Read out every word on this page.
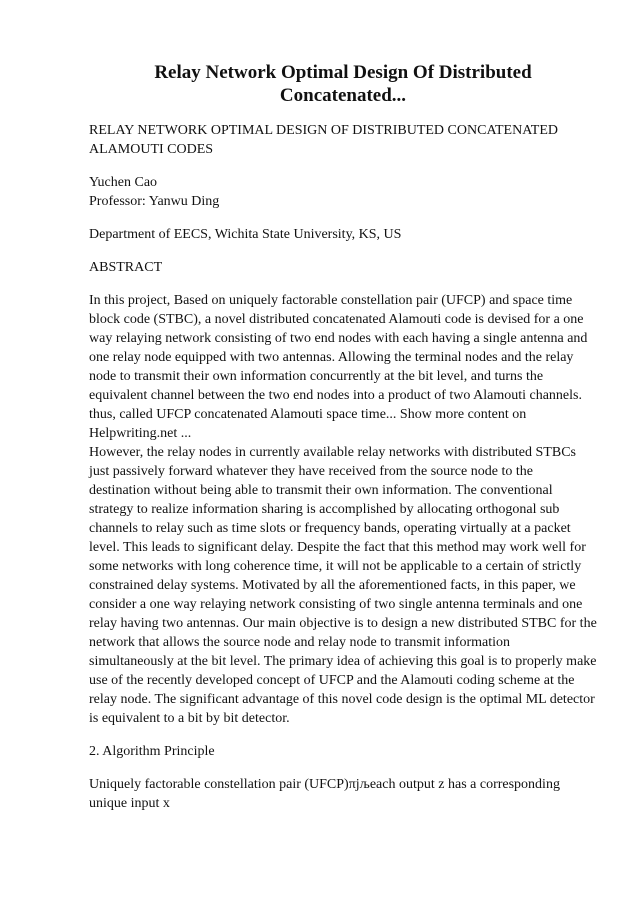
Relay Network Optimal Design Of Distributed Concatenated...
RELAY NETWORK OPTIMAL DESIGN OF DISTRIBUTED CONCATENATED ALAMOUTI CODES
Yuchen Cao
Professor: Yanwu Ding
Department of EECS, Wichita State University, KS, US
ABSTRACT
In this project, Based on uniquely factorable constellation pair (UFCP) and space time block code (STBC), a novel distributed concatenated Alamouti code is devised for a one way relaying network consisting of two end nodes with each having a single antenna and one relay node equipped with two antennas. Allowing the terminal nodes and the relay node to transmit their own information concurrently at the bit level, and turns the equivalent channel between the two end nodes into a product of two Alamouti channels. thus, called UFCP concatenated Alamouti space time... Show more content on Helpwriting.net ...
However, the relay nodes in currently available relay networks with distributed STBCs just passively forward whatever they have received from the source node to the destination without being able to transmit their own information. The conventional strategy to realize information sharing is accomplished by allocating orthogonal sub channels to relay such as time slots or frequency bands, operating virtually at a packet level. This leads to significant delay. Despite the fact that this method may work well for some networks with long coherence time, it will not be applicable to a certain of strictly constrained delay systems. Motivated by all the aforementioned facts, in this paper, we consider a one way relaying network consisting of two single antenna terminals and one relay having two antennas. Our main objective is to design a new distributed STBC for the network that allows the source node and relay node to transmit information simultaneously at the bit level. The primary idea of achieving this goal is to properly make use of the recently developed concept of UFCP and the Alamouti coding scheme at the relay node. The significant advantage of this novel code design is the optimal ML detector is equivalent to a bit by bit detector.
2. Algorithm Principle
Uniquely factorable constellation pair (UFCP)πјљeach output z has a corresponding unique input x
